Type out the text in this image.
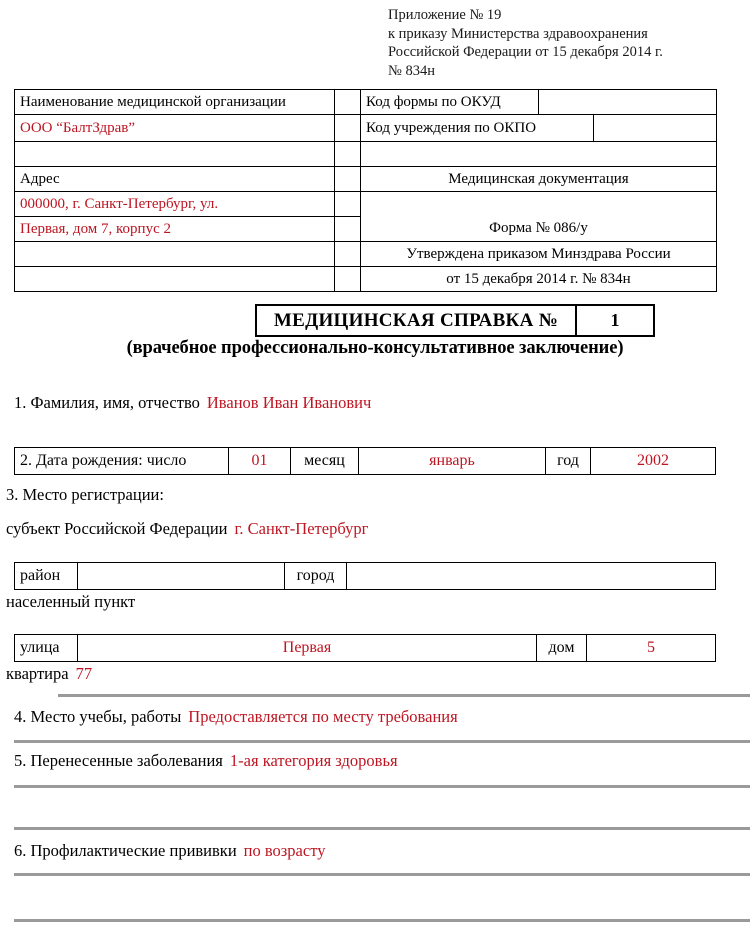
Приложение № 19
к приказу Министерства здравоохранения
Российской Федерации от 15 декабря 2014 г.
№ 834н
Наименование медицинской организации		Код формы по ОКУД	
ООО “БалтЗдрав”		Код учреждения по ОКПО	

Адрес		Медицинская документация	
000000, г. Санкт-Петербург, ул.		Форма № 086/у	
Первая, дом 7, корпус 2			
		Утверждена приказом Минздрава России	
		от 15 декабря 2014 г. № 834н	
МЕДИЦИНСКАЯ СПРАВКА №	1
(врачебное профессионально-консультативное заключение)
1. Фамилия, имя, отчество Иванов Иван Иванович
2. Дата рождения: число	01	месяц	январь	год	2002
3. Место регистрации:
субъект Российской Федерации г. Санкт-Петербург
район	город
населенный пункт
улица	Первая	дом	5
квартира 77
4. Место учебы, работы Предоставляется по месту требования
5. Перенесенные заболевания 1-ая категория здоровья
6. Профилактические прививки по возрасту
